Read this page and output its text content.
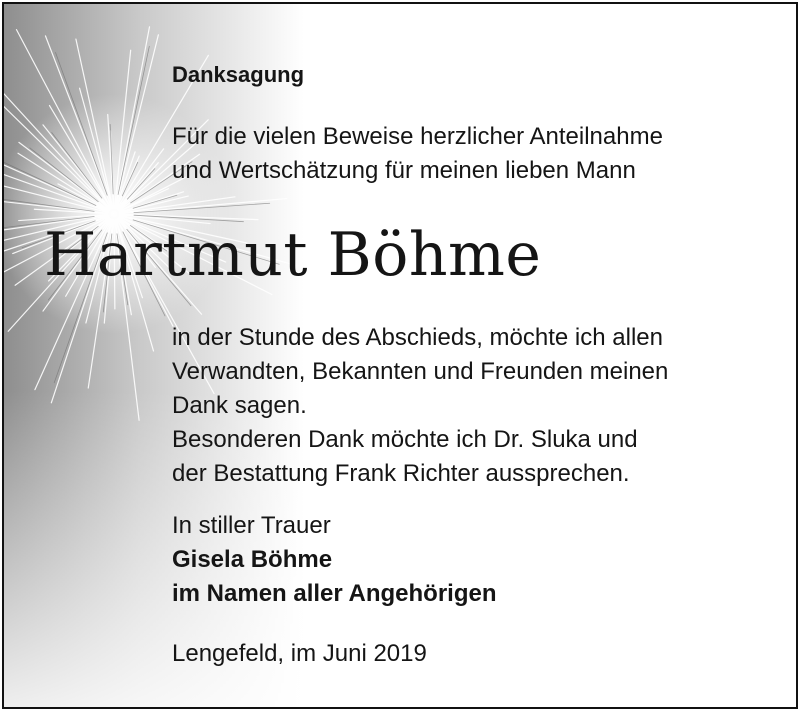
Danksagung
Für die vielen Beweise herzlicher Anteilnahme
und Wertschätzung für meinen lieben Mann
Hartmut Böhme
in der Stunde des Abschieds, möchte ich allen
Verwandten, Bekannten und Freunden meinen
Dank sagen.
Besonderen Dank möchte ich Dr. Sluka und
der Bestattung Frank Richter aussprechen.
In stiller Trauer
Gisela Böhme
im Namen aller Angehörigen
Lengefeld, im Juni 2019
